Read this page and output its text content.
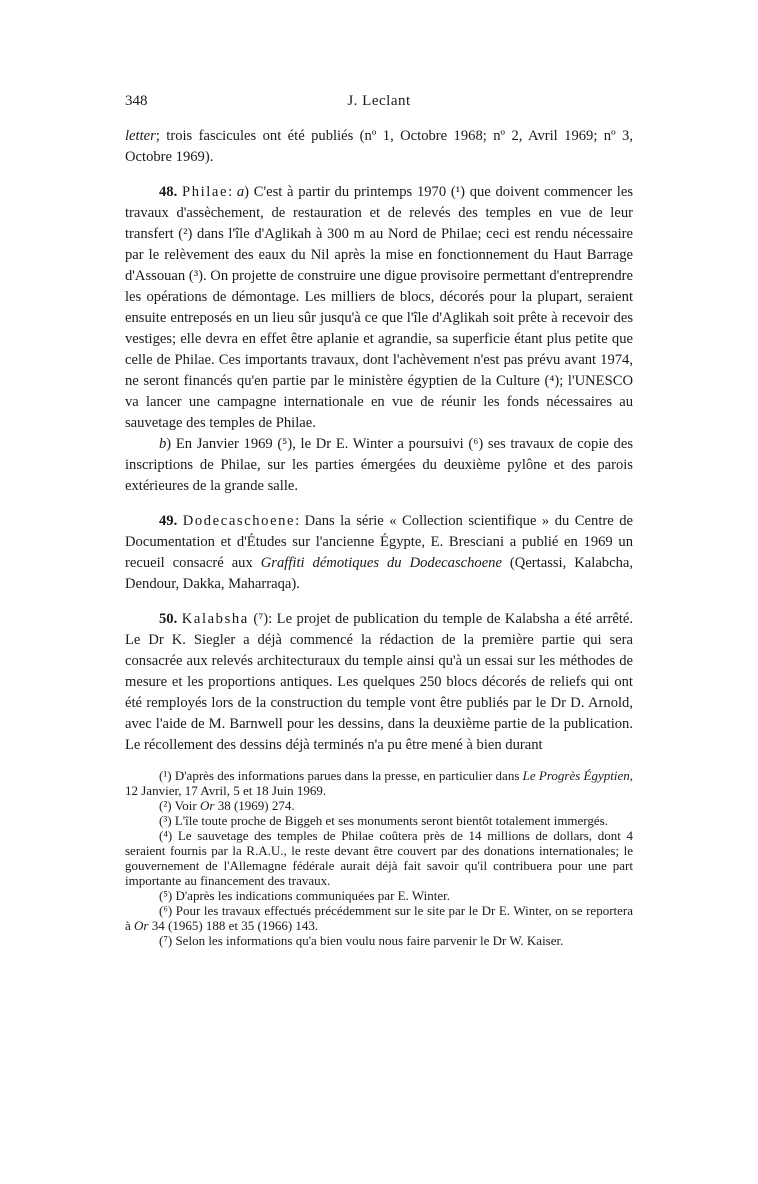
348	J. Leclant

letter; trois fascicules ont été publiés (nº 1, Octobre 1968; nº 2, Avril 1969; nº 3, Octobre 1969).

48. Philae: a) C'est à partir du printemps 1970 (¹) que doivent commencer les travaux d'assèchement, de restauration et de relevés des temples en vue de leur transfert (²) dans l'île d'Aglikah à 300 m au Nord de Philae; ceci est rendu nécessaire par le relèvement des eaux du Nil après la mise en fonctionnement du Haut Barrage d'Assouan (³). On projette de construire une digue provisoire permettant d'entreprendre les opérations de démontage. Les milliers de blocs, décorés pour la plupart, seraient ensuite entreposés en un lieu sûr jusqu'à ce que l'île d'Aglikah soit prête à recevoir des vestiges; elle devra en effet être aplanie et agrandie, sa superficie étant plus petite que celle de Philae. Ces importants travaux, dont l'achèvement n'est pas prévu avant 1974, ne seront financés qu'en partie par le ministère égyptien de la Culture (⁴); l'UNESCO va lancer une campagne internationale en vue de réunir les fonds nécessaires au sauvetage des temples de Philae.

b) En Janvier 1969 (⁵), le Dr E. Winter a poursuivi (⁶) ses travaux de copie des inscriptions de Philae, sur les parties émergées du deuxième pylône et des parois extérieures de la grande salle.

49. Dodecaschoene: Dans la série « Collection scientifique » du Centre de Documentation et d'Études sur l'ancienne Égypte, E. Bresciani a publié en 1969 un recueil consacré aux Graffiti démotiques du Dodecaschoene (Qertassi, Kalabcha, Dendour, Dakka, Maharraqa).

50. Kalabsha (⁷): Le projet de publication du temple de Kalabsha a été arrêté. Le Dr K. Siegler a déjà commencé la rédaction de la première partie qui sera consacrée aux relevés architecturaux du temple ainsi qu'à un essai sur les méthodes de mesure et les proportions antiques. Les quelques 250 blocs décorés de reliefs qui ont été remployés lors de la construction du temple vont être publiés par le Dr D. Arnold, avec l'aide de M. Barnwell pour les dessins, dans la deuxième partie de la publication. Le récollement des dessins déjà terminés n'a pu être mené à bien durant

(¹) D'après des informations parues dans la presse, en particulier dans Le Progrès Égyptien, 12 Janvier, 17 Avril, 5 et 18 Juin 1969.

(²) Voir Or 38 (1969) 274.

(³) L'île toute proche de Biggeh et ses monuments seront bientôt totalement immergés.

(⁴) Le sauvetage des temples de Philae coûtera près de 14 millions de dollars, dont 4 seraient fournis par la R.A.U., le reste devant être couvert par des donations internationales; le gouvernement de l'Allemagne fédérale aurait déjà fait savoir qu'il contribuera pour une part importante au financement des travaux.

(⁵) D'après les indications communiquées par E. Winter.

(⁶) Pour les travaux effectués précédemment sur le site par le Dr E. Winter, on se reportera à Or 34 (1965) 188 et 35 (1966) 143.

(⁷) Selon les informations qu'a bien voulu nous faire parvenir le Dr W. Kaiser.
